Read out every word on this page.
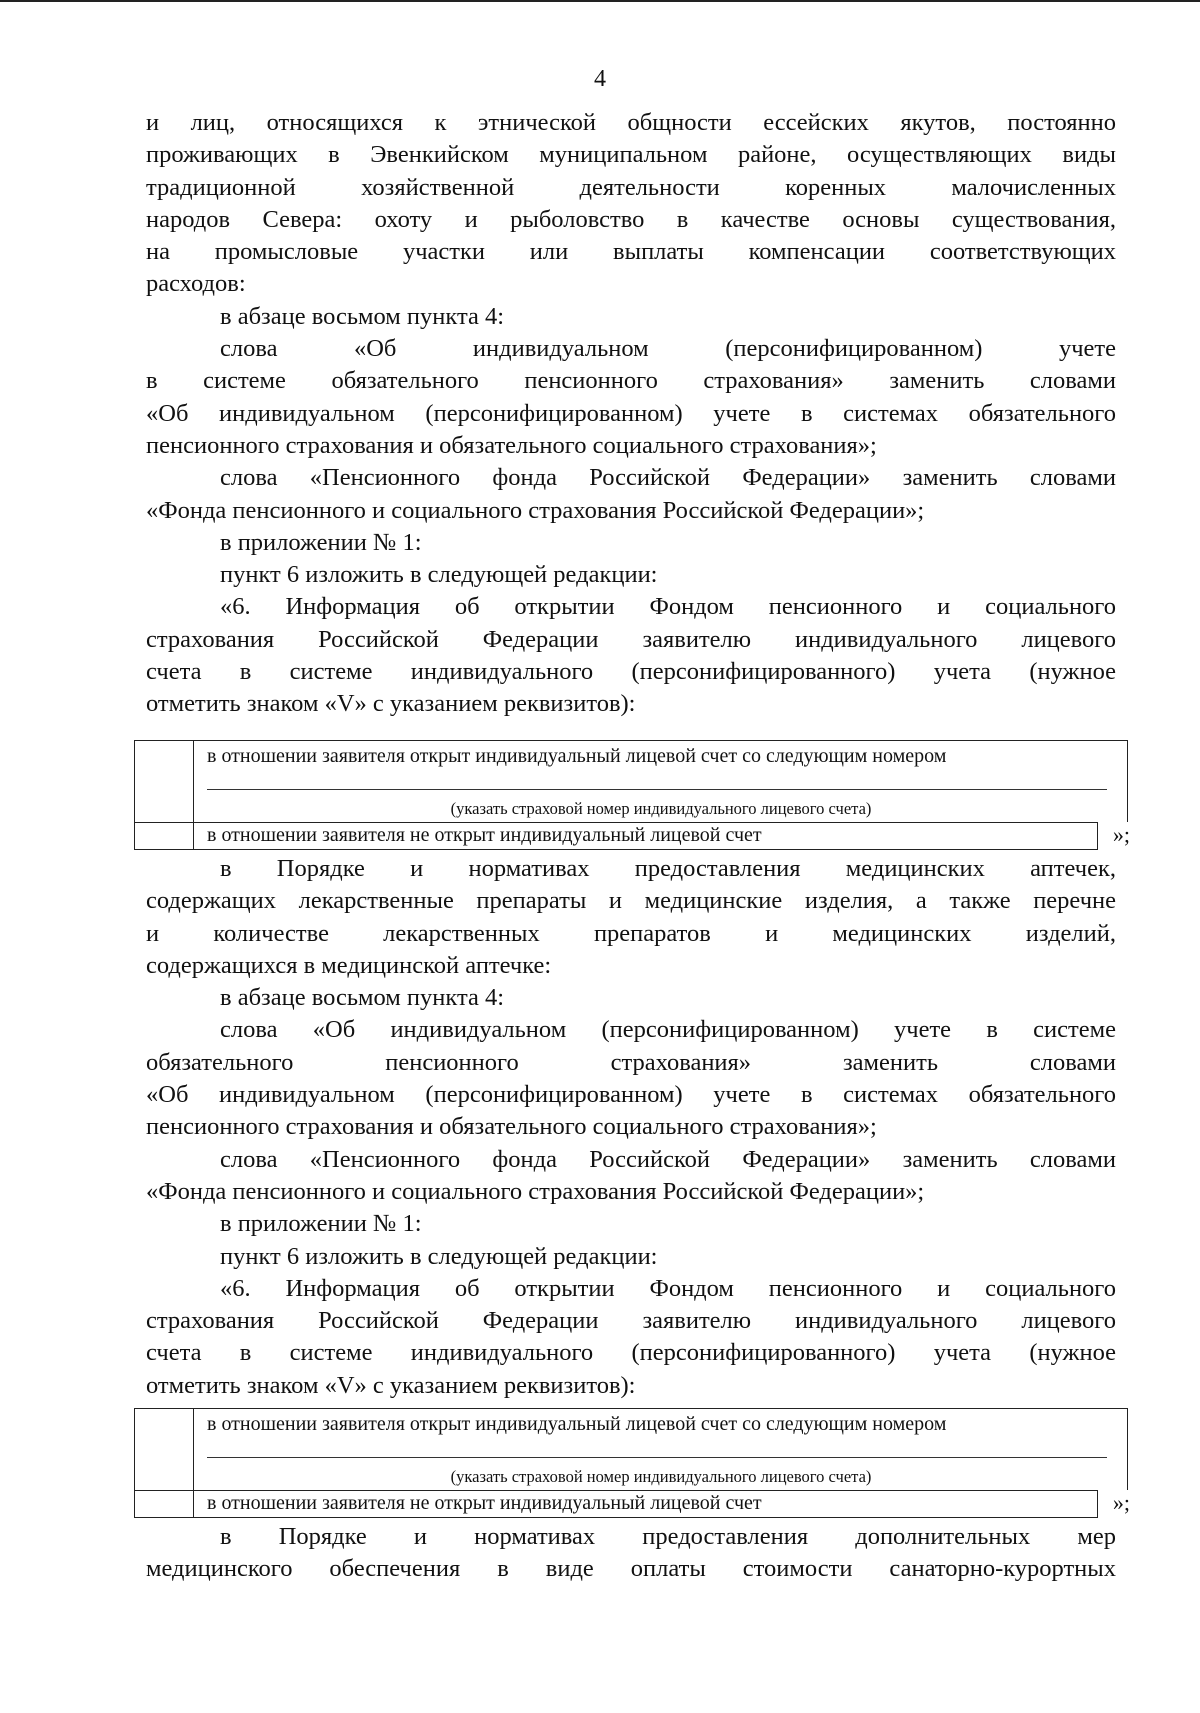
4

и лиц, относящихся к этнической общности ессейских якутов, постоянно

проживающих в Эвенкийском муниципальном районе, осуществляющих виды

традиционной хозяйственной деятельности коренных малочисленных

народов Севера: охоту и рыболовство в качестве основы существования,

на промысловые участки или выплаты компенсации соответствующих

расходов:

в абзаце восьмом пункта 4:

слова «Об индивидуальном (персонифицированном) учете

в системе обязательного пенсионного страхования» заменить словами

«Об индивидуальном (персонифицированном) учете в системах обязательного

пенсионного страхования и обязательного социального страхования»;

слова «Пенсионного фонда Российской Федерации» заменить словами

«Фонда пенсионного и социального страхования Российской Федерации»;

в приложении № 1:

пункт 6 изложить в следующей редакции:

«6. Информация об открытии Фондом пенсионного и социального

страхования Российской Федерации заявителю индивидуального лицевого

счета в системе индивидуального (персонифицированного) учета (нужное

отметить знаком «V» с указанием реквизитов):

в отношении заявителя открыт индивидуальный лицевой счет со следующим номером
(указать страховой номер индивидуального лицевого счета)
в отношении заявителя не открыт индивидуальный лицевой счет	»;

в Порядке и нормативах предоставления медицинских аптечек,

содержащих лекарственные препараты и медицинские изделия, а также перечне

и количестве лекарственных препаратов и медицинских изделий,

содержащихся в медицинской аптечке:

в абзаце восьмом пункта 4:

слова «Об индивидуальном (персонифицированном) учете в системе

обязательного пенсионного страхования» заменить словами

«Об индивидуальном (персонифицированном) учете в системах обязательного

пенсионного страхования и обязательного социального страхования»;

слова «Пенсионного фонда Российской Федерации» заменить словами

«Фонда пенсионного и социального страхования Российской Федерации»;

в приложении № 1:

пункт 6 изложить в следующей редакции:

«6. Информация об открытии Фондом пенсионного и социального

страхования Российской Федерации заявителю индивидуального лицевого

счета в системе индивидуального (персонифицированного) учета (нужное

отметить знаком «V» с указанием реквизитов):

в отношении заявителя открыт индивидуальный лицевой счет со следующим номером
(указать страховой номер индивидуального лицевого счета)
в отношении заявителя не открыт индивидуальный лицевой счет	»;

в Порядке и нормативах предоставления дополнительных мер

медицинского обеспечения в виде оплаты стоимости санаторно-курортных
